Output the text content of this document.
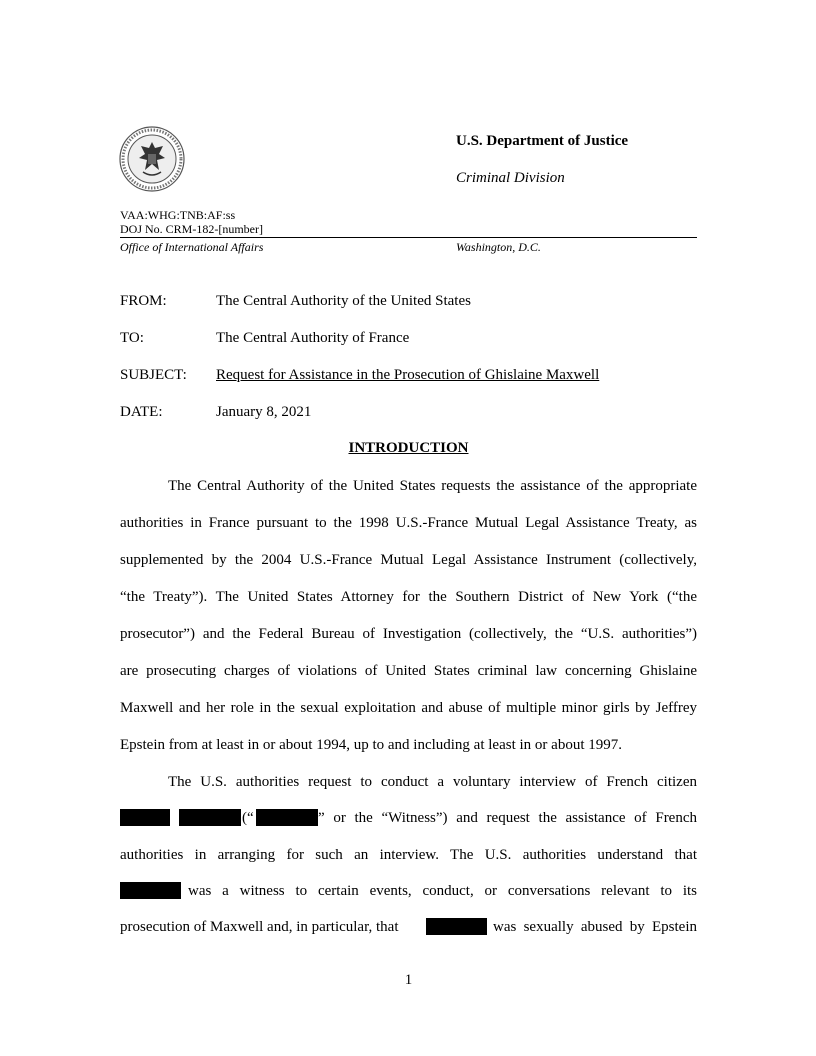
U.S. Department of Justice
Criminal Division
VAA:WHG:TNB:AF:ss
DOJ No. CRM-182-[number]
Office of International Affairs	Washington, D.C.
FROM:	The Central Authority of the United States
TO:	The Central Authority of France
SUBJECT: Request for Assistance in the Prosecution of Ghislaine Maxwell
DATE:	January 8, 2021
INTRODUCTION
The Central Authority of the United States requests the assistance of the appropriate
authorities in France pursuant to the 1998 U.S.-France Mutual Legal Assistance Treaty, as
supplemented by the 2004 U.S.-France Mutual Legal Assistance Instrument (collectively,
“the Treaty”). The United States Attorney for the Southern District of New York (“the
prosecutor”) and the Federal Bureau of Investigation (collectively, the “U.S. authorities”)
are prosecuting charges of violations of United States criminal law concerning Ghislaine
Maxwell and her role in the sexual exploitation and abuse of multiple minor girls by Jeffrey
Epstein from at least in or about 1994, up to and including at least in or about 1997.
The U.S. authorities request to conduct a voluntary interview of French citizen

(“	” or the “Witness”) and request the assistance of French
authorities in arranging for such an interview. The U.S. authorities understand that
was a witness to certain events, conduct, or conversations relevant to its
prosecution of Maxwell and, in particular, that	was sexually abused by Epstein
1
